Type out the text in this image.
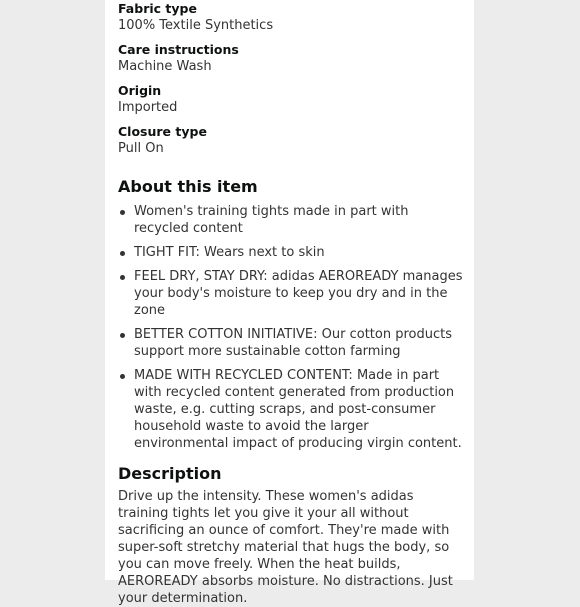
Fabric type

100% Textile Synthetics

Care instructions

Machine Wash

Origin

Imported

Closure type

Pull On

About this item
Women's training tights made in part with recycled content
TIGHT FIT: Wears next to skin
FEEL DRY, STAY DRY: adidas AEROREADY manages your body's moisture to keep you dry and in the zone
BETTER COTTON INITIATIVE: Our cotton products support more sustainable cotton farming
MADE WITH RECYCLED CONTENT: Made in part with recycled content generated from production waste, e.g. cutting scraps, and post-consumer household waste to avoid the larger environmental impact of producing virgin content.
Description

Drive up the intensity. These women's adidas training tights let you give it your all without sacrificing an ounce of comfort. They're made with super-soft stretchy material that hugs the body, so you can move freely. When the heat builds, AEROREADY absorbs moisture. No distractions. Just your determination.
